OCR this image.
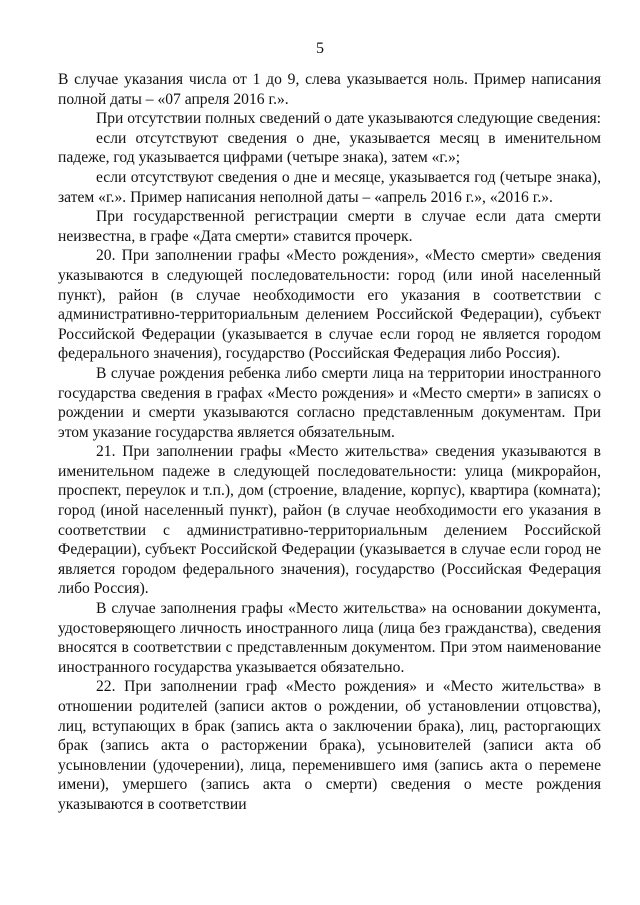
5

В случае указания числа от 1 до 9, слева указывается ноль. Пример написания полной даты – «07 апреля 2016 г.».

При отсутствии полных сведений о дате указываются следующие сведения:

если отсутствуют сведения о дне, указывается месяц в именительном падеже, год указывается цифрами (четыре знака), затем «г.»;

если отсутствуют сведения о дне и месяце, указывается год (четыре знака), затем «г.». Пример написания неполной даты – «апрель 2016 г.», «2016 г.».

При государственной регистрации смерти в случае если дата смерти неизвестна, в графе «Дата смерти» ставится прочерк.

20. При заполнении графы «Место рождения», «Место смерти» сведения указываются в следующей последовательности: город (или иной населенный пункт), район (в случае необходимости его указания в соответствии с административно-территориальным делением Российской Федерации), субъект Российской Федерации (указывается в случае если город не является городом федерального значения), государство (Российская Федерация либо Россия).

В случае рождения ребенка либо смерти лица на территории иностранного государства сведения в графах «Место рождения» и «Место смерти» в записях о рождении и смерти указываются согласно представленным документам. При этом указание государства является обязательным.

21. При заполнении графы «Место жительства» сведения указываются в именительном падеже в следующей последовательности: улица (микрорайон, проспект, переулок и т.п.), дом (строение, владение, корпус), квартира (комната); город (иной населенный пункт), район (в случае необходимости его указания в соответствии с административно-территориальным делением Российской Федерации), субъект Российской Федерации (указывается в случае если город не является городом федерального значения), государство (Российская Федерация либо Россия).

В случае заполнения графы «Место жительства» на основании документа, удостоверяющего личность иностранного лица (лица без гражданства), сведения вносятся в соответствии с представленным документом. При этом наименование иностранного государства указывается обязательно.

22. При заполнении граф «Место рождения» и «Место жительства» в отношении родителей (записи актов о рождении, об установлении отцовства), лиц, вступающих в брак (запись акта о заключении брака), лиц, расторгающих брак (запись акта о расторжении брака), усыновителей (записи акта об усыновлении (удочерении), лица, переменившего имя (запись акта о перемене имени), умершего (запись акта о смерти) сведения о месте рождения указываются в соответствии
